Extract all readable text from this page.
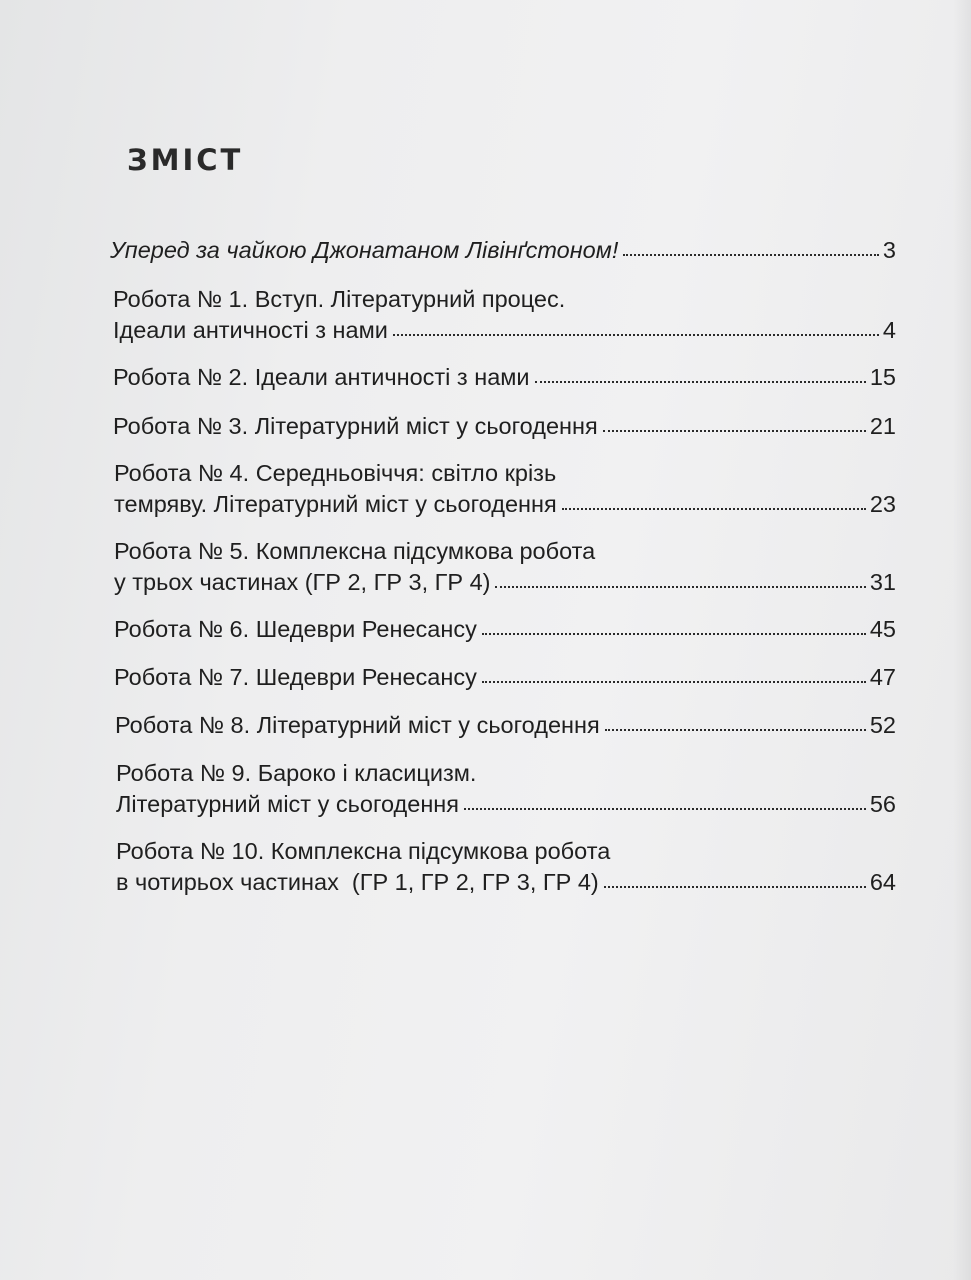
ЗМІСТ
Уперед за чайкою Джонатаном Лівінґстоном!	3
Робота № 1. Вступ. Літературний процес.
Ідеали античності з нами	4
Робота № 2. Ідеали античності з нами	15
Робота № 3. Літературний міст у сьогодення	21
Робота № 4. Середньовіччя: світло крізь
темряву. Літературний міст у сьогодення	23
Робота № 5. Комплексна підсумкова робота
у трьох частинах (ГР 2, ГР 3, ГР 4)	31
Робота № 6. Шедеври Ренесансу	45
Робота № 7. Шедеври Ренесансу	47
Робота № 8. Літературний міст у сьогодення	52
Робота № 9. Бароко і класицизм.
Літературний міст у сьогодення	56
Робота № 10. Комплексна підсумкова робота
в чотирьох частинах  (ГР 1, ГР 2, ГР 3, ГР 4)	64
